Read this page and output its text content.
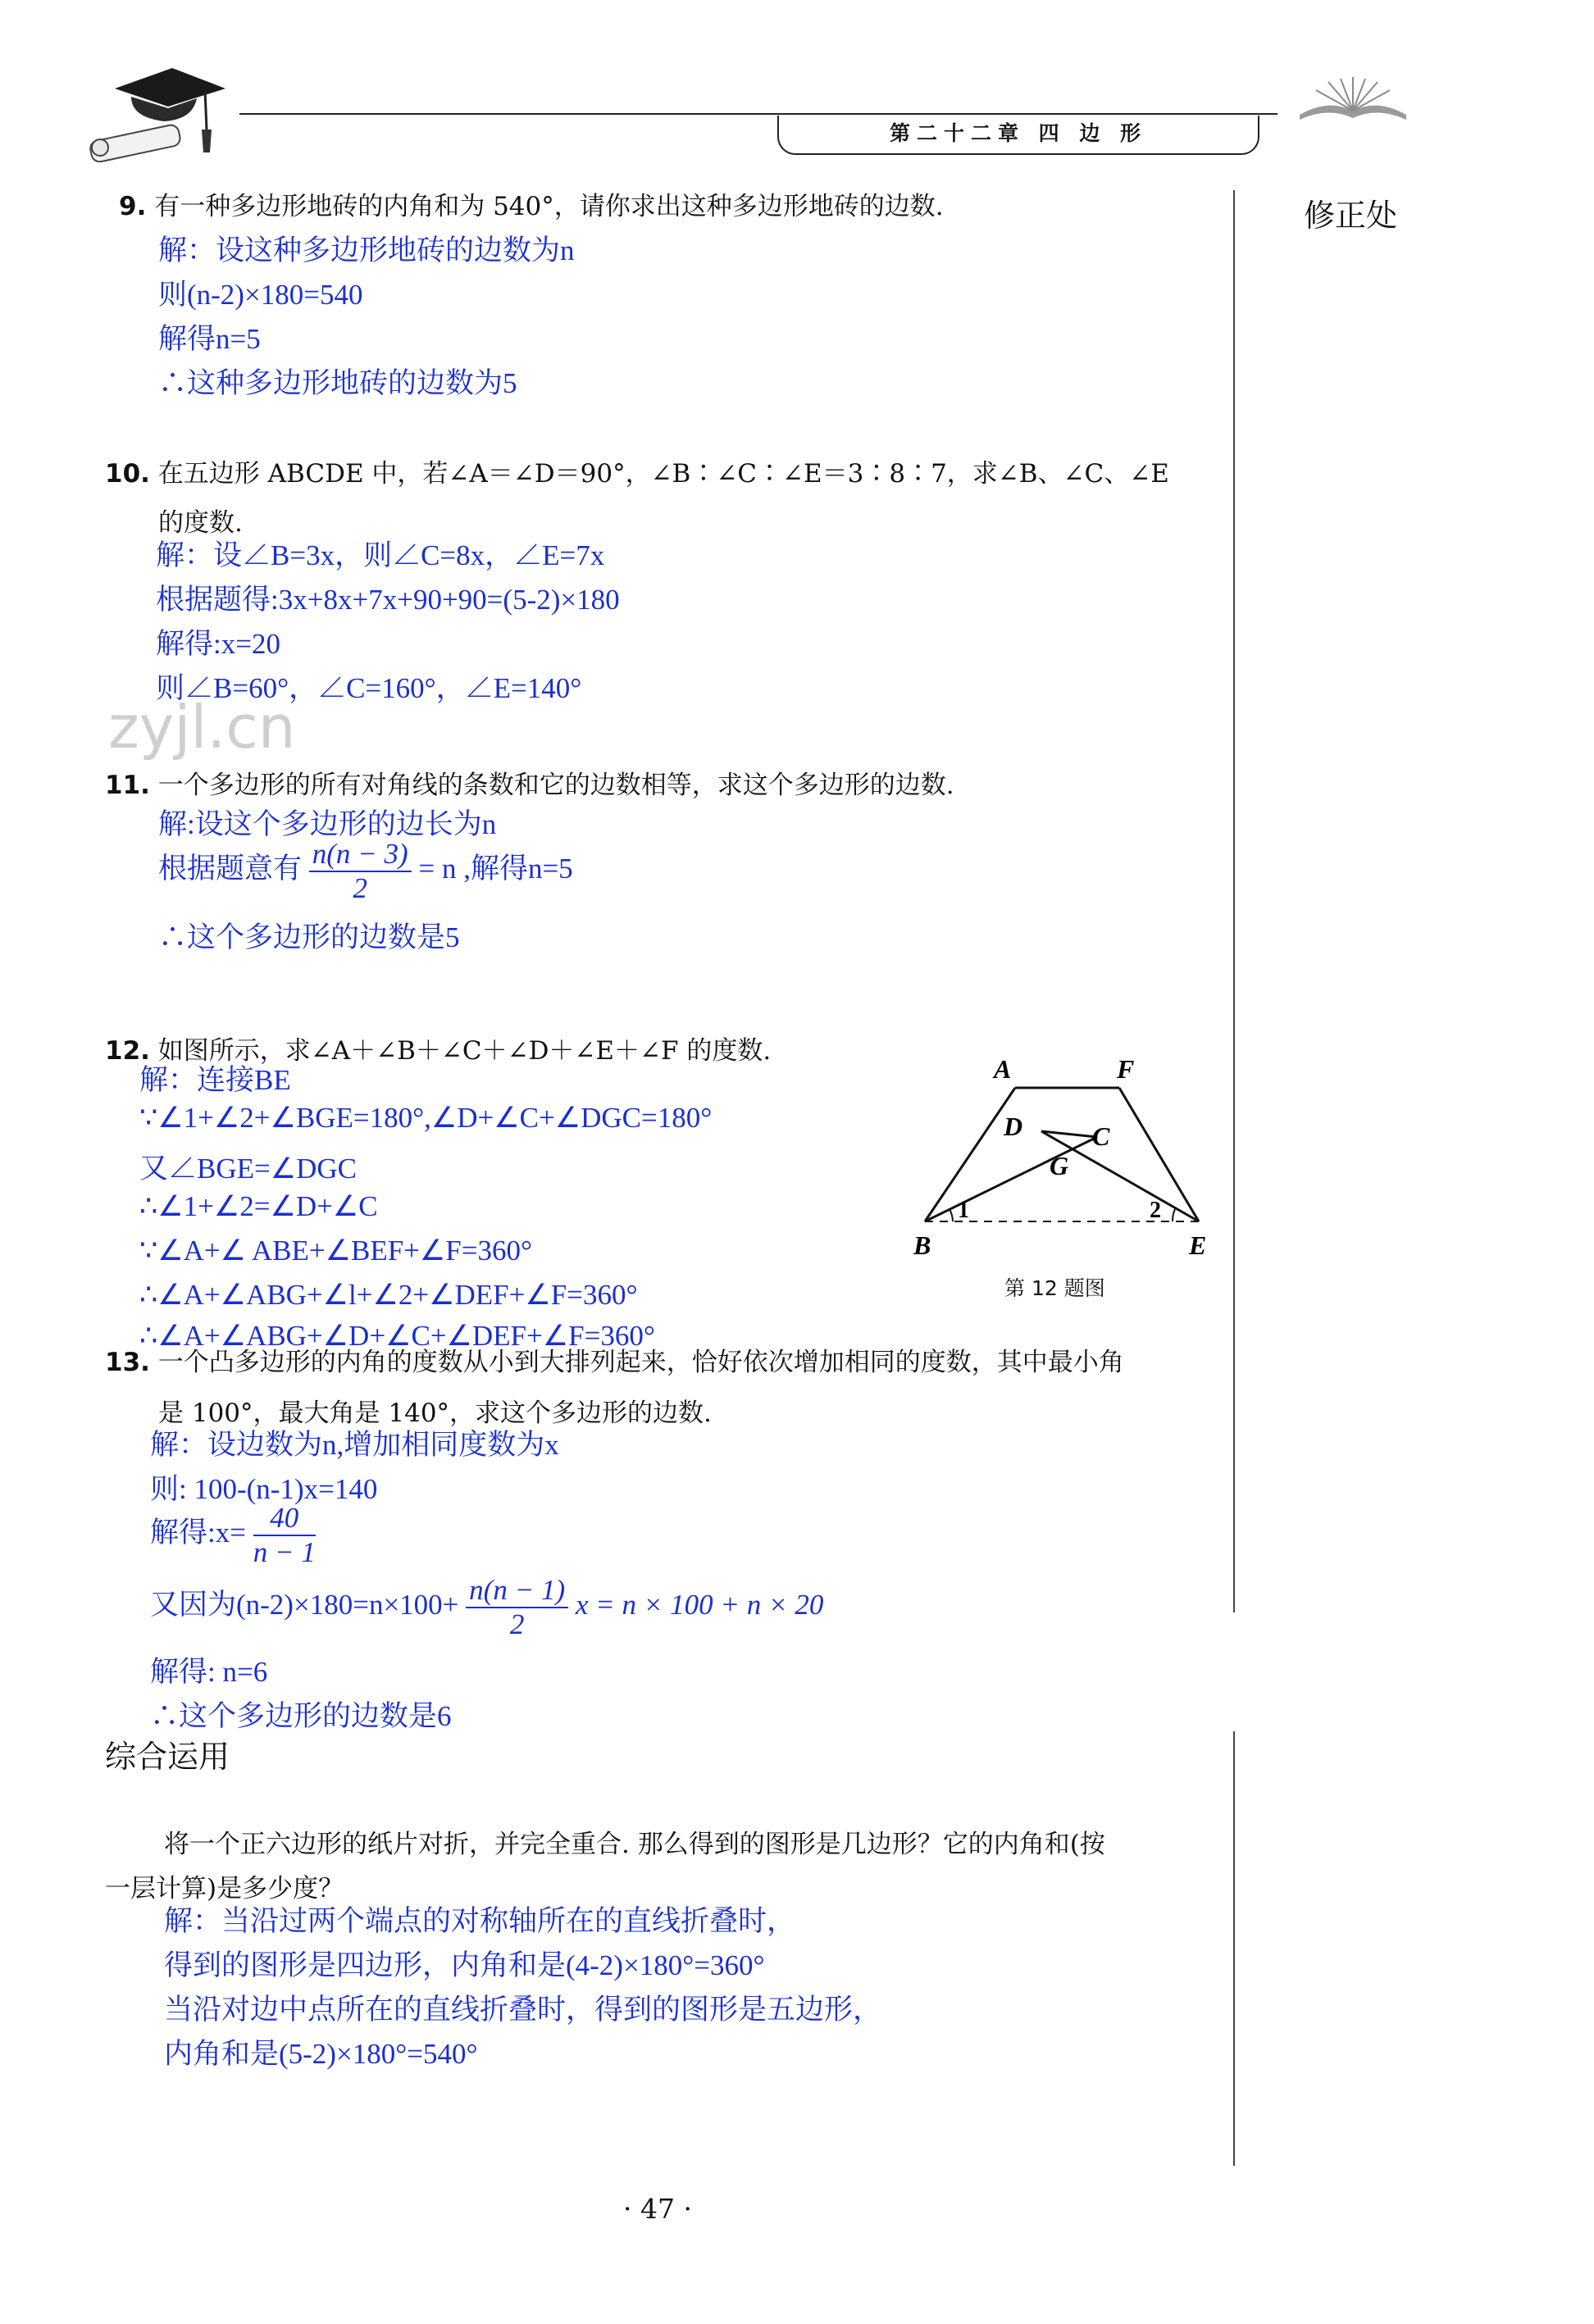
第二十二章 四 边 形
修正处
zyjl.cn
9. 有一种多边形地砖的内角和为 540°，请你求出这种多边形地砖的边数.
解：设这种多边形地砖的边数为n
则(n-2)×180=540
解得n=5
∴这种多边形地砖的边数为5
10. 在五边形 ABCDE 中，若∠A＝∠D＝90°，∠B∶∠C∶∠E＝3∶8∶7，求∠B、∠C、∠E
的度数.
解：设∠B=3x，则∠C=8x，∠E=7x
根据题得:3x+8x+7x+90+90=(5-2)×180
解得:x=20
则∠B=60°，∠C=160°，∠E=140°
11. 一个多边形的所有对角线的条数和它的边数相等，求这个多边形的边数.
解:设这个多边形的边长为n
根据题意有 $\frac{n(n - 3)}{2} = n$ ,解得n=5
∴这个多边形的边数是5
12. 如图所示，求∠A＋∠B＋∠C＋∠D＋∠E＋∠F 的度数.
解：连接BE
∵∠1+∠2+∠BGE=180°,∠D+∠C+∠DGC=180°
又∠BGE=∠DGC
∴∠1+∠2=∠D+∠C
∵∠A+∠ ABE+∠BEF+∠F=360°
∴∠A+∠ABG+∠l+∠2+∠DEF+∠F=360°
∴∠A+∠ABG+∠D+∠C+∠DEF+∠F=360°
A	F
D	C
G
B	E
1	2
第 12 题图
13. 一个凸多边形的内角的度数从小到大排列起来，恰好依次增加相同的度数，其中最小角
是 100°，最大角是 140°，求这个多边形的边数.
解：设边数为n,增加相同度数为x
则: 100-(n-1)x=140
解得:x= $\frac{40}{n - 1}$
又因为$(n-2)\times 180=n\times 100+ \frac{n(n - 1)}{2}$ x = n × 100 + n × 20
解得: n=6
∴这个多边形的边数是6
综合运用
将一个正六边形的纸片对折，并完全重合. 那么得到的图形是几边形？它的内角和(按
一层计算)是多少度？
解：当沿过两个端点的对称轴所在的直线折叠时，
得到的图形是四边形，内角和是(4-2)×180°=360°
当沿对边中点所在的直线折叠时，得到的图形是五边形，
内角和是(5-2)×180°=540°
· 47 ·
